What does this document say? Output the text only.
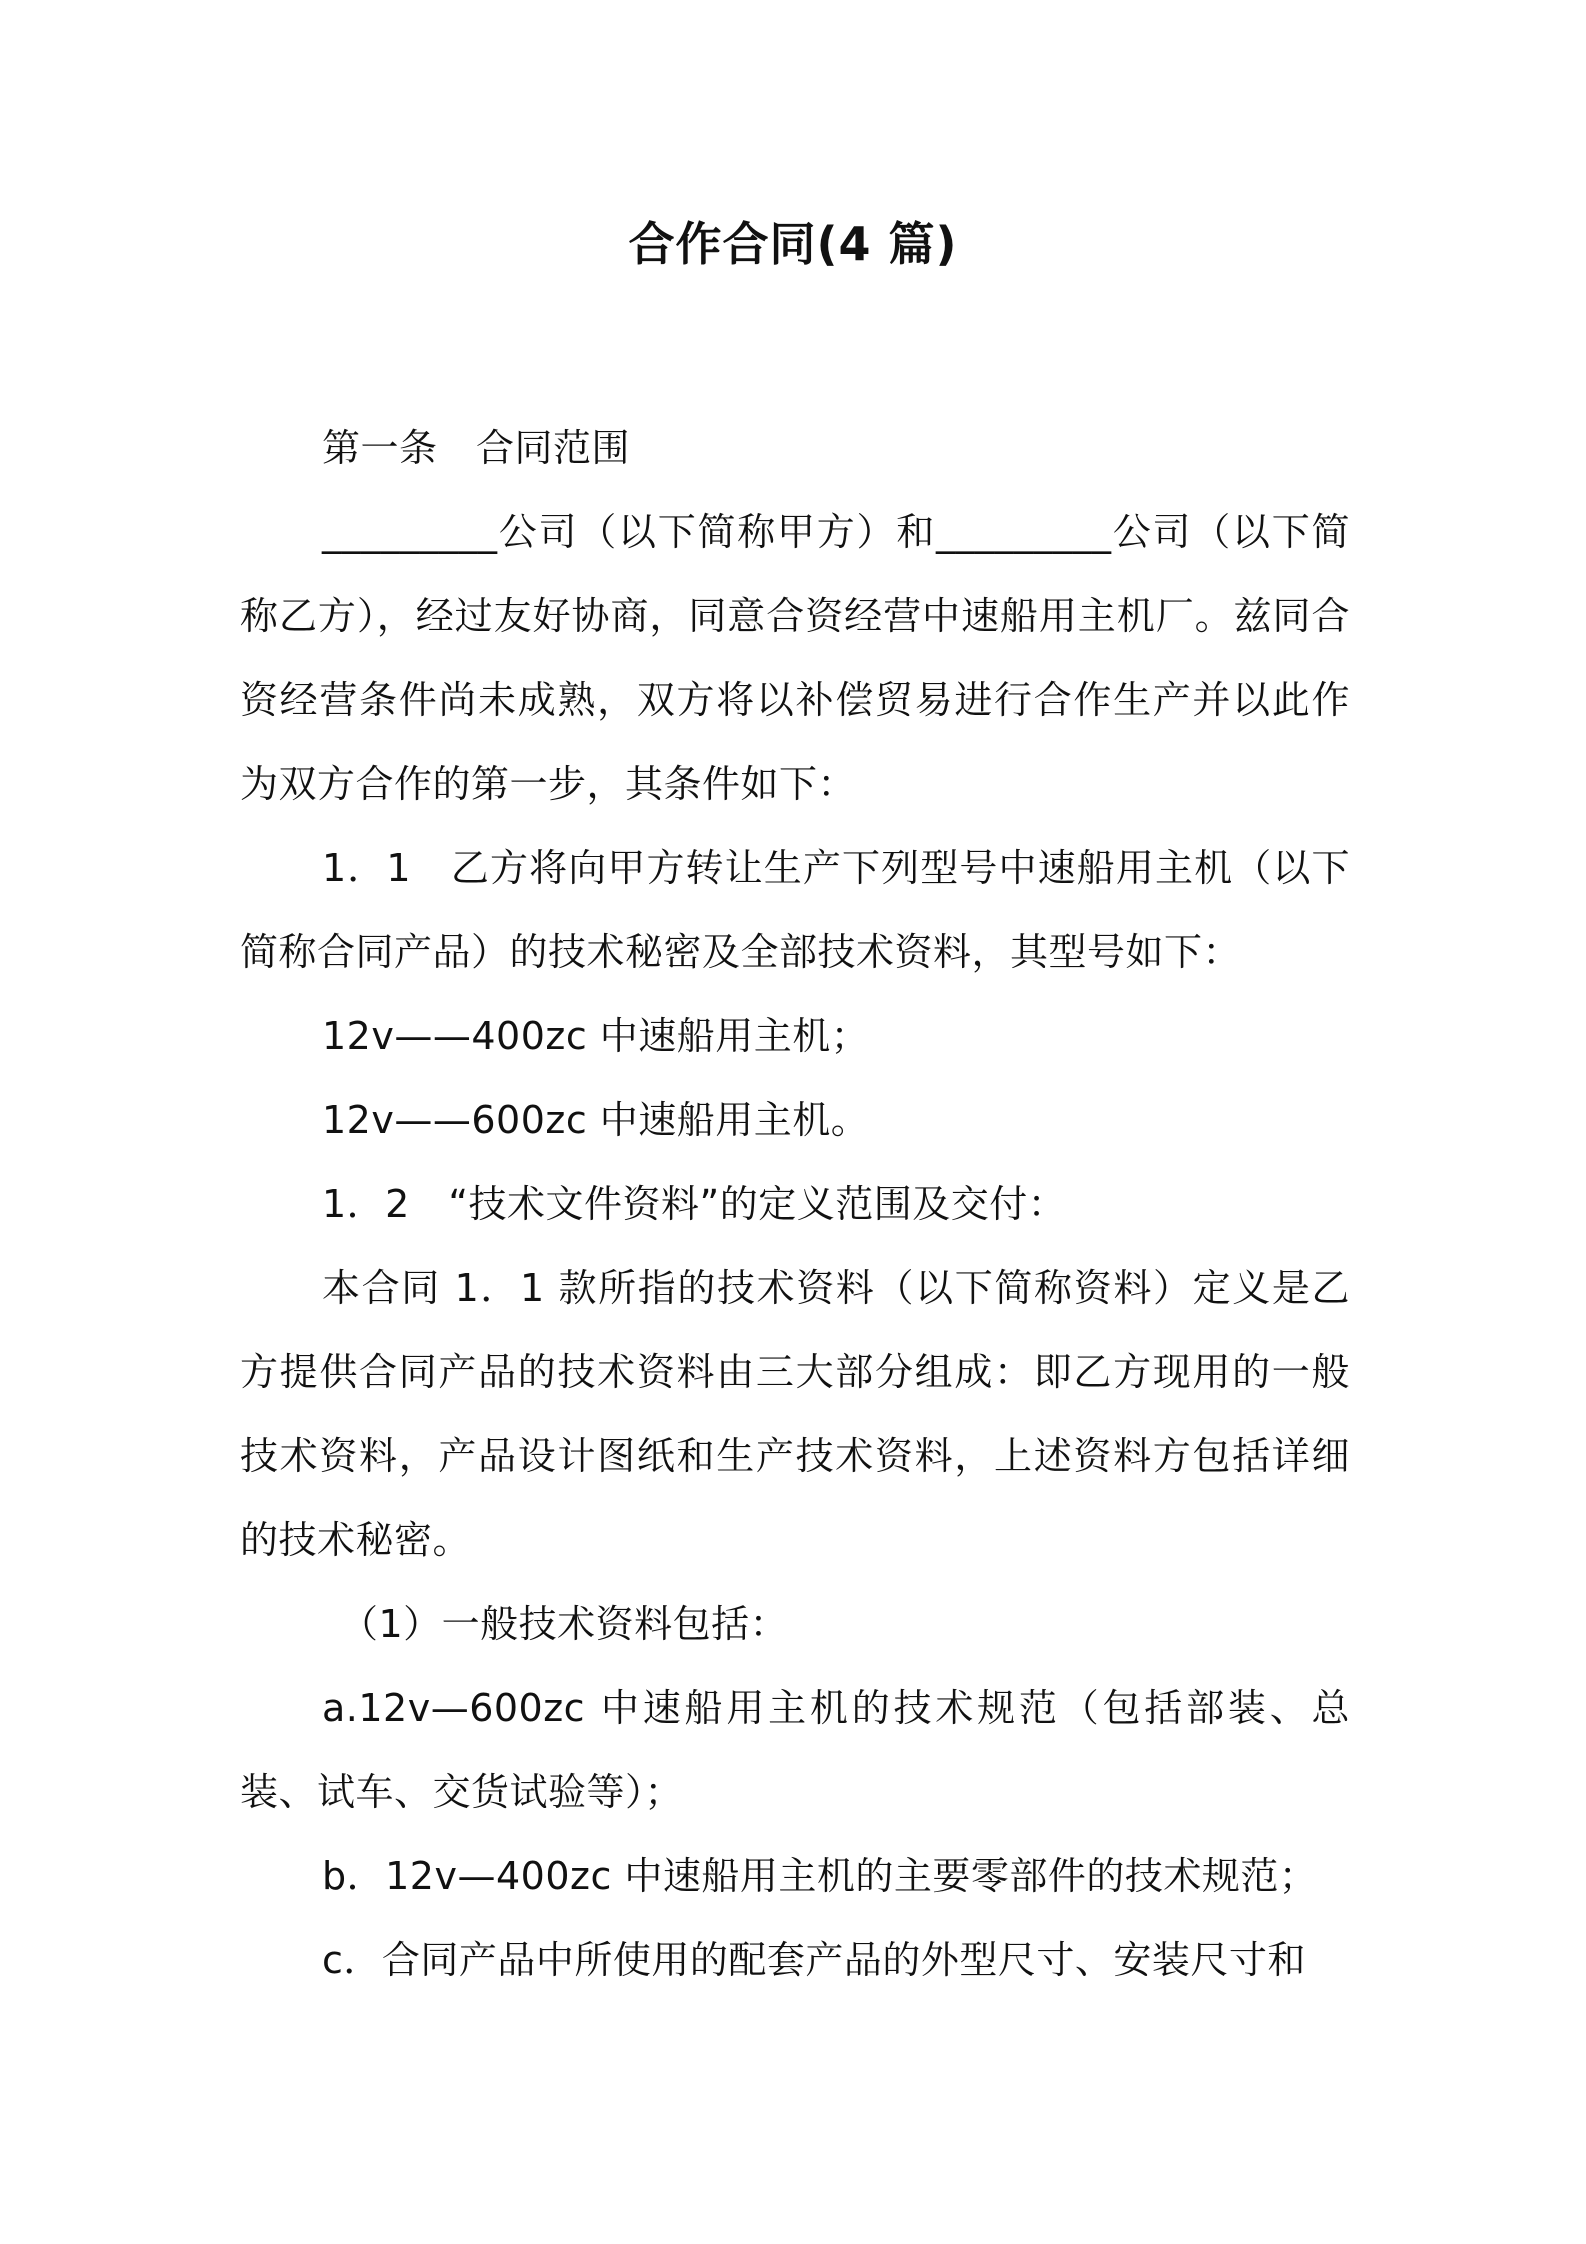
合作合同(4 篇)

第一条　合同范围

_________公司（以下简称甲方）和_________公司（以下简称乙方），经过友好协商，同意合资经营中速船用主机厂。兹同合资经营条件尚未成熟，双方将以补偿贸易进行合作生产并以此作为双方合作的第一步，其条件如下：

1．1　乙方将向甲方转让生产下列型号中速船用主机（以下简称合同产品）的技术秘密及全部技术资料，其型号如下：

12v——400zc 中速船用主机；

12v——600zc 中速船用主机。

1．2　“技术文件资料”的定义范围及交付：

本合同 1．1 款所指的技术资料（以下简称资料）定义是乙方提供合同产品的技术资料由三大部分组成：即乙方现用的一般技术资料，产品设计图纸和生产技术资料，上述资料方包括详细的技术秘密。

（1）一般技术资料包括：

a.12v—600zc 中速船用主机的技术规范（包括部装、总装、试车、交货试验等）；

b．12v—400zc 中速船用主机的主要零部件的技术规范；

c．合同产品中所使用的配套产品的外型尺寸、安装尺寸和
